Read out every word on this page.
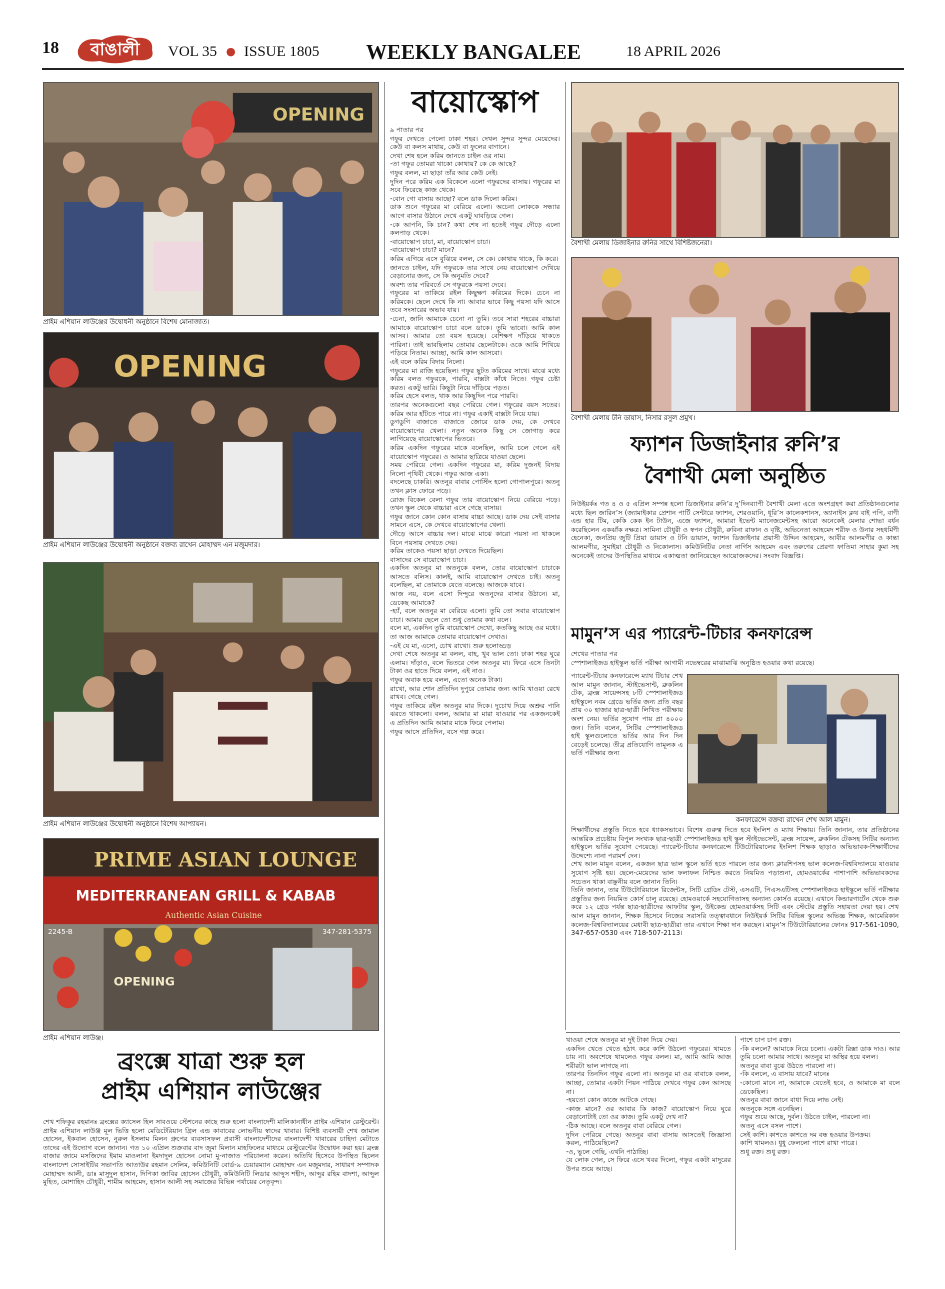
18	বাঙালী	VOL 35 ● ISSUE 1805 WEEKLY BANGALEE	18 APRIL 2026
OPENING
প্রাইম এশিয়ান লাউঞ্জের উদ্বোধনী অনুষ্ঠানে বিশেষ মোনাজাত।
OPENING
প্রাইম এশিয়ান লাউঞ্জের উদ্বোধনী অনুষ্ঠানে বক্তব্য রাখেন মোহাম্মদ এন মজুমদার।
প্রাইম এশিয়ান লাউঞ্জের উদ্বোধনী অনুষ্ঠানে বিশেষ আপ্যায়ন।
PRIME ASIAN LOUNGE
MEDITERRANEAN GRILL & KABAB
Authentic Asian Cuisine
2245-B	347-281-5375
OPENING
প্রাইম এশিয়ান লাউঞ্জ।
ব্রংক্সে যাত্রা শুরু হল
প্রাইম এশিয়ান লাউঞ্জের
শেখ শফিকুর রহমানঃ ব্রংক্সের ক্যাসেল হিল সাবওয়ে স্টেশনের কাছে শুরু হলো বাংলাদেশী মালিকানাধীন প্রাইম এশিয়ান রেস্টুরেন্ট। প্রাইম এশিয়ান লাউঞ্জ মূল ভিত্তি হলো মেডিটেরিয়ান গ্রিল এন্ড কাবাবের লোভনীয় স্বাদের খাবার। বিশিষ্ট ব্যবসায়ী শেখ জামাল হোসেন, ইকবাল হোসেন, নুরুল ইসলাম মিলন গ্রুপের ব্যবসাসফল প্রবাসী বাংলাদেশীদের বাংলাদেশী খাবারের চাহিদা মেটাতে তাদের এই উদ্যোগ বলে জানান। গত ১০ এপ্রিল শুক্রবার বাদ জুমা মিলান মাহফিলের মাধ্যমে রেস্টুরেন্টের উদ্বোধন করা হয়। ব্রংক্স বাজার জামে মসজিদের ইমাম মাওলানা ইমদাদুল হোসেন নোমা মু-নাজাত পরিচালনা করেন। অতিথি হিসেবে উপস্থিত ছিলেন বাংলাদেশ সোসাইটির সভাপতি আতাউর রহমান সেলিম, কমিউনিটি বোর্ড-৯ চেয়ারম্যান মোহাম্মদ এন মজুমদার, সাধারণ সম্পাদক মোহাম্মদ আলী, ডাঃ মাসুদুল হাসান, দিপিকা জাবির হোসেন চৌধুরী, কমিউনিটি লিডার আব্দুস শহীদ, আব্দুর রহিম বাদশা, আব্দুল মুহিত, মোশাহিদ চৌধুরী, শামীম আহমেদ, হাসান আলী সহ সমাজের বিভিন্ন পর্যায়ের নেতৃবৃন্দ।
বায়োস্কোপ
৯ পাতার পর
গফুর দেখতে পেলো ঢাকা শহর। দেখল সুন্দর সুন্দর মেয়েদের। কেউ বা কলস মাথায়, কেউ বা ফুলের বাগানে।
দেখা শেষ হলে করিম জানতে চাইল ওর নাম।
-তা গফুর তোমরা থাকো কোথায়? কে কে আছে?
গফুর বলল, মা ছাড়া তাঁর আর কেউ নেই।
দুদিন পরে করিম এক বিকেলে এলো গফুরদের বাসায়। গফুরের মা সবে ফিরেছে কাজ থেকে।
-বোন গো বাসায় আছো? বলে ডাক দিলো করিম।
ডাক শুনে গফুরের মা বেরিয়ে এলো। অচেনা লোককে সন্ধ্যার আগে বাসার উঠানে দেখে একটু ঘাবড়িয়ে গেল।
-কে আপনি, কি চান? কথা শেষ না হতেই গফুর দৌড়ে এলো কলপাড় থেকে।
-বায়োস্কোপ চাচা, মা, বায়োস্কোপ চাচা।
-বায়োস্কোপ চাচা? মানে?
করিম এগিয়ে এসে বুঝিয়ে বলল, সে কে। কোথায় থাকে, কি করে।
জানতে চাইল, যদি গফুরকে তার সাথে নেয় বায়োস্কোপ দেখিয়ে বেড়ানোর জন্য, সে কি অনুমতি দেবে?
অবশ্য তার পরিবর্তে সে গফুরকে পয়সা দেবে।
গফুরের মা তাকিয়ে রইল কিছুক্ষণ করিমের দিকে। চেনে না করিমকে। ছেলে দেখে কি না। আবার ভাবে কিছু পয়সা যদি আসে তবে সংসারের অভাব যায়।
-চেনা, জানি আমাকে চেনো না তুমি। তবে সারা শহরের বাচ্চারা আমাকে বায়োস্কোপ চাচা বলে ডাকে। তুমি ভাবো। আমি কাল আসব। আমার তো বয়স হয়েছে। বেশিক্ষণ দাঁড়িয়ে থাকতে পারিনা। তাই ভাবছিলাম তোমার ছেলেটাকে। ওকে আমি শিখিয়ে পড়িয়ে নিতাম। আচ্ছা, আমি কাল আসবো।
এই বলে করিম বিদায় নিলো।
গফুরের মা রাজি হয়েছিল। গফুর ছুটত করিমের সাথে। মাঝে মধ্যে করিম বলত গফুরকে, পারবি, বাক্সটা কাঁধে নিতে। গফুর চেষ্টা করত। একটু ভারি। কিছুটা নিয়ে দাঁড়িয়ে পড়ত।
করিম হেসে বলত, থাক আর কিছুদিন পরে পারবি।
তারপর অনেকগুলো বছর পেরিয়ে গেল। গফুরের বয়স সতের। করিম আর হাঁটতে পারে না। গফুর একাই বাক্সটা নিয়ে যায়।
ডুগডুগি বাজাতে বাজাতে জোরে ডাক দেয়, কে দেখবে বায়োস্কোপের খেলা। নতুন অনেক কিছু সে জোগাড় করে লাগিয়েছে বায়োস্কোপের ভিতরে।
করিম একদিন গফুরের মাকে বলেছিল, আমি চলে গেলে এই বায়োস্কোপ গফুরের। ও আমার ছাত্রিয়ে যাওয়া ছেলে।
সময় পেরিয়ে গেল। একদিন গফুরের মা, করিম দুজনই বিদায় নিলো পৃথিবী থেকে। গফুর আজ একা।
বদলেছে চাকরি। অতনুর বাবার পোস্টিং হলো গোপালপুরে। অতনু তখন ক্লাস ফোরে পড়ে।
রোজ বিকেল বেলা গফুর তার বায়োস্কোপ নিয়ে বেরিয়ে পড়ে। তখন স্কুল থেকে বাচ্চারা এসে গেছে বাসায়।
গফুর জানে কোন কোন বাসায় বাচ্চা আছে। ডাক দেয় সেই বাসার সামনে এসে, কে দেখবে বায়োস্কোপের খেলা।
দৌড়ে আসে বাচ্চার দল। মাঝে মাঝে কারো পয়সা না থাকলে বিনে পয়সায় দেখতে দেয়।
করিম তাকেও পয়সা ছাড়া দেখতে দিয়েছিল।
বাসাদের সে বায়োস্কোপ চাচা।
একদিন অতনুর মা অতনুকে বলল, তোর বায়োস্কোপ চাচাকে আসতে বলিস। কালই, আমি বায়োস্কোপ দেখতে চাই। অতনু বলেছিল, মা তোমাকে যেতে বলেছে। আজকে যাবে।
আজ নয়, বলে এসো দিন্দুরে অতনুদের বাসার উঠানে। মা, ডেকেছ আমাকে?
-হ্যাঁ, বলে অতনুর মা বেরিয়ে এলো। তুমি তো সবার বায়োস্কোপ চাচা। আমার ছেলে তো শুধু তোমার কথা বলে।
বলে মা, একদিন তুমি বায়োস্কোপ দেখো, কতকিছু আছে ওর মধ্যে। তা আজ আমাকে তোমার বায়োস্কোপ দেখাও।
-এই যে মা, এসো, চোখ রাখো। শুরু হলোড্ডড়
দেখা শেষে অতনুর মা বলল, বাহ, খুব ভাল তো। ঢাকা শহর ঘুরে এলাম। দাঁড়াও, বলে ভিতরে গেল অতনুর মা। ফিরে এসে তিনটা টাকা ওর হাতে দিয়ে বলল, এই নাও।
গফুর অবাক হয়ে বলল, এতো অনেক টাকা।
রাখো, আর শোন প্রতিদিন দুপুরে তোমার জন্য আমি খাওয়া রেখে রাখব। গেছে গেল।
গফুর তাকিয়ে রইল অতনুর মার দিকে। দুচোখ দিয়ে অশ্রুর পানি ঝরতে থাকলো। বলল, আমার মা মারা যাওয়ার পর একজনকেই এ প্রতিদিন আমি আমার মাকে ফিরে পেলাম।
গফুর আসে প্রতিদিন, বসে গল্প করে।
বৈশাখী মেলায় ডিজাইনার রুনির সাথে বিশিষ্টজনেরা।
বৈশাখী মেলায় টনি ডায়াস, নিসার রসুল প্রমুখ।
ফ্যাশন ডিজাইনার রুনি’র
বৈশাখী মেলা অনুষ্ঠিত
নিউইয়র্কঃ গত ৪ ও ৫ এপ্রিল সম্পন্ন হলো ডিজাইনার রুনি’র দু’দিনব্যাপী বৈশাখী মেলা এতে অংশগ্রহণ করা প্রতিষ্ঠানগুলোর মধ্যে ছিল জারিন’স (জ্যামাইকার প্রেশান পার্টি সেন্টারে ফ্যাশন, শেরওয়ানি, ধূরি’স কালেকশানস, অ্যানাইস ক্লথ বাই পপি, বাণী এন্ড হার টিম, কেকি কেক ইন টাউন, এজে ফ্যাশন, আমারা ইভেন্ট ম্যানেজমেন্টসহ আরো অনেকেই মেলার শোভা বর্ধন করেছিলেন একঝাঁক নক্ষত্র। সামিনা চৌধুরী ও স্বপন চৌধুরী, রুবিনা রাফান ও বৃষ্টি, অভিনেতা আহমেদ শরীফ ও উনার সহধর্মিণী হেনেকা, জনপ্রিয় জুটি প্রিয়া ডায়াস ও টনি ডায়াস, ফ্যাশন ডিজাইনার প্রয়াসী উদ্দিন আহমেদ, আবীর আলমগীর ও কান্তা আলমগীর, সুমাইয়া চৌধুরী ও নিকোলাস। কমিউনিটির নেতা নার্গিস আহমেদ এবং তরুণের প্রেরণা ফাতিমা সাহার কুমা সহ অনেকেই তাদের উপস্থিতির মাধ্যমে একাত্মতা জানিয়েছেন আয়োজকদের। সংবাদ বিজ্ঞপ্তি।
মামুন’স এর প্যারেন্ট-টিচার কনফারেন্স
শেখের পাতার পর
স্পেশালাইজড হাইস্কুল ভর্তি পরীক্ষা আগামী নভেম্বরের মাঝামাঝি অনুষ্ঠিত হওয়ার কথা রয়েছে।
প্যারেন্ট-টিচার কনফারেন্সে ম্যাথ টিচার শেখ আল মামুন জানান, স্টাইভেসান্ট, ব্রুকলিন টেক, ব্রংক্স সায়েন্সসহ ৮টি স্পেশালাইজড হাইস্কুলে নবম গ্রেডে ভর্তির জন্য প্রতি বছর প্রায় ৩০ হাজার ছাত্র-ছাত্রী লিখিত পরীক্ষায় অংশ নেয়। ভর্তির সুযোগ পায় প্রা ৪০০০ জন। তিনি বলেন, সিটির স্পেশালাইজড হাই স্কুলগুলোতে ভর্তির আর দিন দিন বেড়েই চলেছে। তীব্র প্রতিযোগি তামূলক এ ভর্তি পরীক্ষার জন্য
কনফারেন্সে বক্তব্য রাখেন শেখ আল মামুন।
শিক্ষার্থীদের প্রস্তুতি নিতে হবে ধ্যাকসভাবে। বিশেষ গুরুত্ব দিতে হবে ইংলিশ ও ম্যাথ শিক্ষায়। তিনি জানান, তার প্রতিষ্ঠানের আন্তরিক প্রচেষ্টায় বিপুল সংখ্যক ছাত্র-ছাত্রী স্পেশালাইজড হাই স্কুল স্টাইভেসেন্ট, ব্রংক্স সায়েন্স, ব্রুকলিন টেকসহ সিটির অন্যান্য হাইস্কুলে ভর্তির সুযোগ পেয়েছে। প্যারেন্ট-টিচার কনফারেন্সে টিউটোরিয়ালের ইংলিশ শিক্ষক ছাড়াও অভিভাবক-শিক্ষার্থীদের উদ্দেশ্যে নানা পরামর্শ দেন।
শেখ আল মামুন বলেন, একজন ছাত্র ভাল স্কুলে ভর্তি হতে পারলে তার জন্য ক্লারশিপসহ ভাল কলেজ-বিশ্ববিদ্যালয়ে যাওয়ার সুযোগ সৃষ্টি হয়। ছেলে-মেয়েদের ভাল ফলাফল নিশ্চিত করতে নিয়মিত পড়াশুনা, হোমওয়ার্কের পাশাপাশি অভিভাবকদের সচেতন থাকা বাঞ্ছনীয় বলে জানান তিনি।
তিনি জানান, তার টিউটোরিয়ালে রিজেন্টস, সিটি গ্রেডিং টেস্ট, এসএটি, পিএসএটিসহ স্পেশালাইজড হাইস্কুলে ভর্তি পরীক্ষার প্রস্তুতির জন্য নিয়মিত কোর্স চালু রয়েছে। হোমওয়ার্কে সহযোগিতাসহ অন্যান্য কোর্সও রয়েছে। এখানে কিন্ডারগার্টেন থেকে শুরু করে ১২ গ্রেড পর্যন্ত ছাত্র-ছাত্রীদের আফটার স্কুল, উইকেন্ড হোমওয়ার্কসহ সিটি এবং স্টেটের প্রস্তুতি সহায়তা দেয়া হয়। শেখ আল মামুন জানান, শিক্ষক হিসেবে নিজের সরাসরি তত্ত্বাবধানে নিউইয়র্ক সিটির বিভিন্ন স্কুলের অভিজ্ঞ শিক্ষক, আমেরিকান কলেজ-বিশ্ববিদ্যালয়ের মেধাবী ছাত্র-ছাত্রীরা তার এখানে শিক্ষা দান করছেন। মামুন’স টিউটোরিয়ালের ফোনঃ 917-561-1090, 347-657-0530 এবং 718-507-2113।
খাওয়া শেষে অতনুর মা দুই টাকা দিয়ে দেয়।
একদিন খেতে খেতে হঠাৎ করে কাশি উঠলো গফুরের। থামতে চায় না। অবশেষে থামলেও গফুর বলল। মা, আমি আমি আজ শরীরটা ভাল লাগছে না।
তারপর তিনদিন গফুর এলো না। অতনুর মা ওর বাবাকে বলল, আচ্ছা, তোমার একটা পিয়ন পাঠিয়ে দেখবে গফুর কেন আসছে না।
-হয়তো কোন কাজে আটকে গেছে।
-কাজ মানে? ওর আবার কি কাজ? বায়োস্কোপ নিয়ে ঘুরে বেড়ানোটাই তো ওর কাজ। তুমি একটু দেখ না?
-ঠিক আছে। বলে অতনুর বাবা বেরিয়ে গেল।
দুদিন পেরিয়ে গেছে। অতনুর বাবা বাসায় আসতেই জিজ্ঞাসা করল, পাঠিয়েছিলে?
-ও, ভুলে গেছি, এখনি পাঠাচ্ছি।
যে লোক গেল, সে ফিরে এসে খবর দিলো, গফুর একটা মাদুরের উপর শুয়ে আছে।
পাশে চাপ চাপ রক্ত।
-কি বললে? আমাকে নিয়ে চলো। একটা রিক্সা ডাক দাও। আর তুমি চলো আমার সাথে। অতনুর মা অস্থির হয়ে বলল।
অতনুর বাবা বুঝে উঠতে পারলো না।
-কি বললে, এ বাসায় যাবে? মানেঃ
-কোনো মানে না, আমাকে যেতেই হবে, ও আমাকে মা বলে ডেকেছিল।
অতনুর বাবা জানে বাধা দিয়ে লাভ নেই।
অতনুকে সঙ্গে এনেছিল।
গফুর শুয়ে আছে, দুর্বল। উঠতে চাইল, পারলো না।
অতনু এসে বসল পাশে।
সেই কাশি। কাশতে কাশতে দম বন্ধ হওয়ার উপক্রম।
কাশি থামলও। ধুধু ফেললো পাশে রাখা পাত্রে।
শুধু রক্ত। শুধু রক্ত।
